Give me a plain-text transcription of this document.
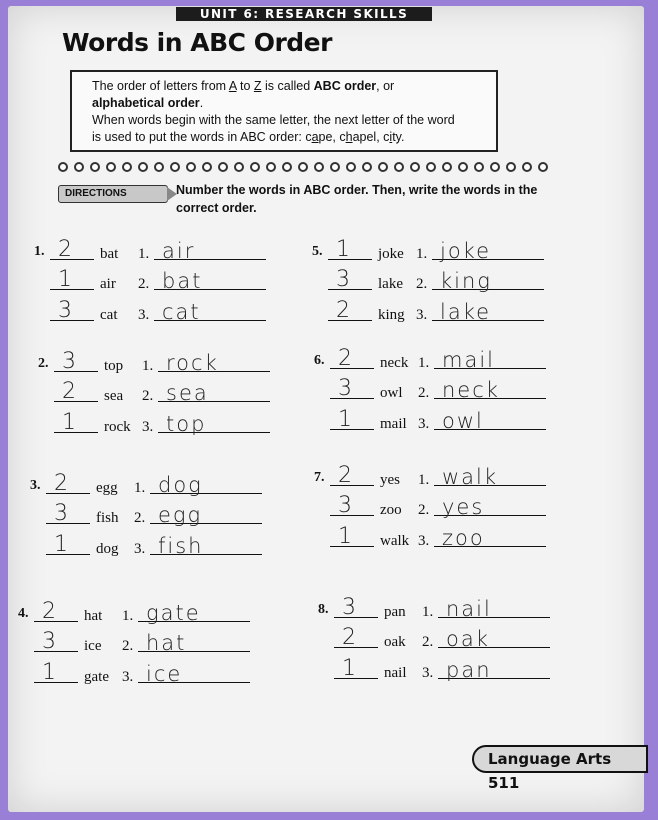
UNIT 6: RESEARCH SKILLS
Words in ABC Order
The order of letters from A to Z is called ABC order, or
alphabetical order.
When words begin with the same letter, the next letter of the word
is used to put the words in ABC order: cape, chapel, city.
DIRECTIONS	Number the words in ABC order. Then, write the words in the correct order.
1. 2 bat 1. air
1 air 2. bat
3 cat 3. cat
5. 1 joke 1. joke
3 lake 2. king
2 king 3. lake
2. 3 top 1. rock
2 sea 2. sea
1 rock 3. top
6. 2 neck 1. mail
3 owl 2. neck
1 mail 3. owl
3. 2 egg 1. dog
3 fish 2. egg
1 dog 3. fish
7. 2 yes 1. walk
3 zoo 2. yes
1 walk 3. zoo
4. 2 hat 1. gate
3 ice 2. hat
1 gate 3. ice
8. 3 pan 1. nail
2 oak 2. oak
1 nail 3. pan
Language Arts 511
